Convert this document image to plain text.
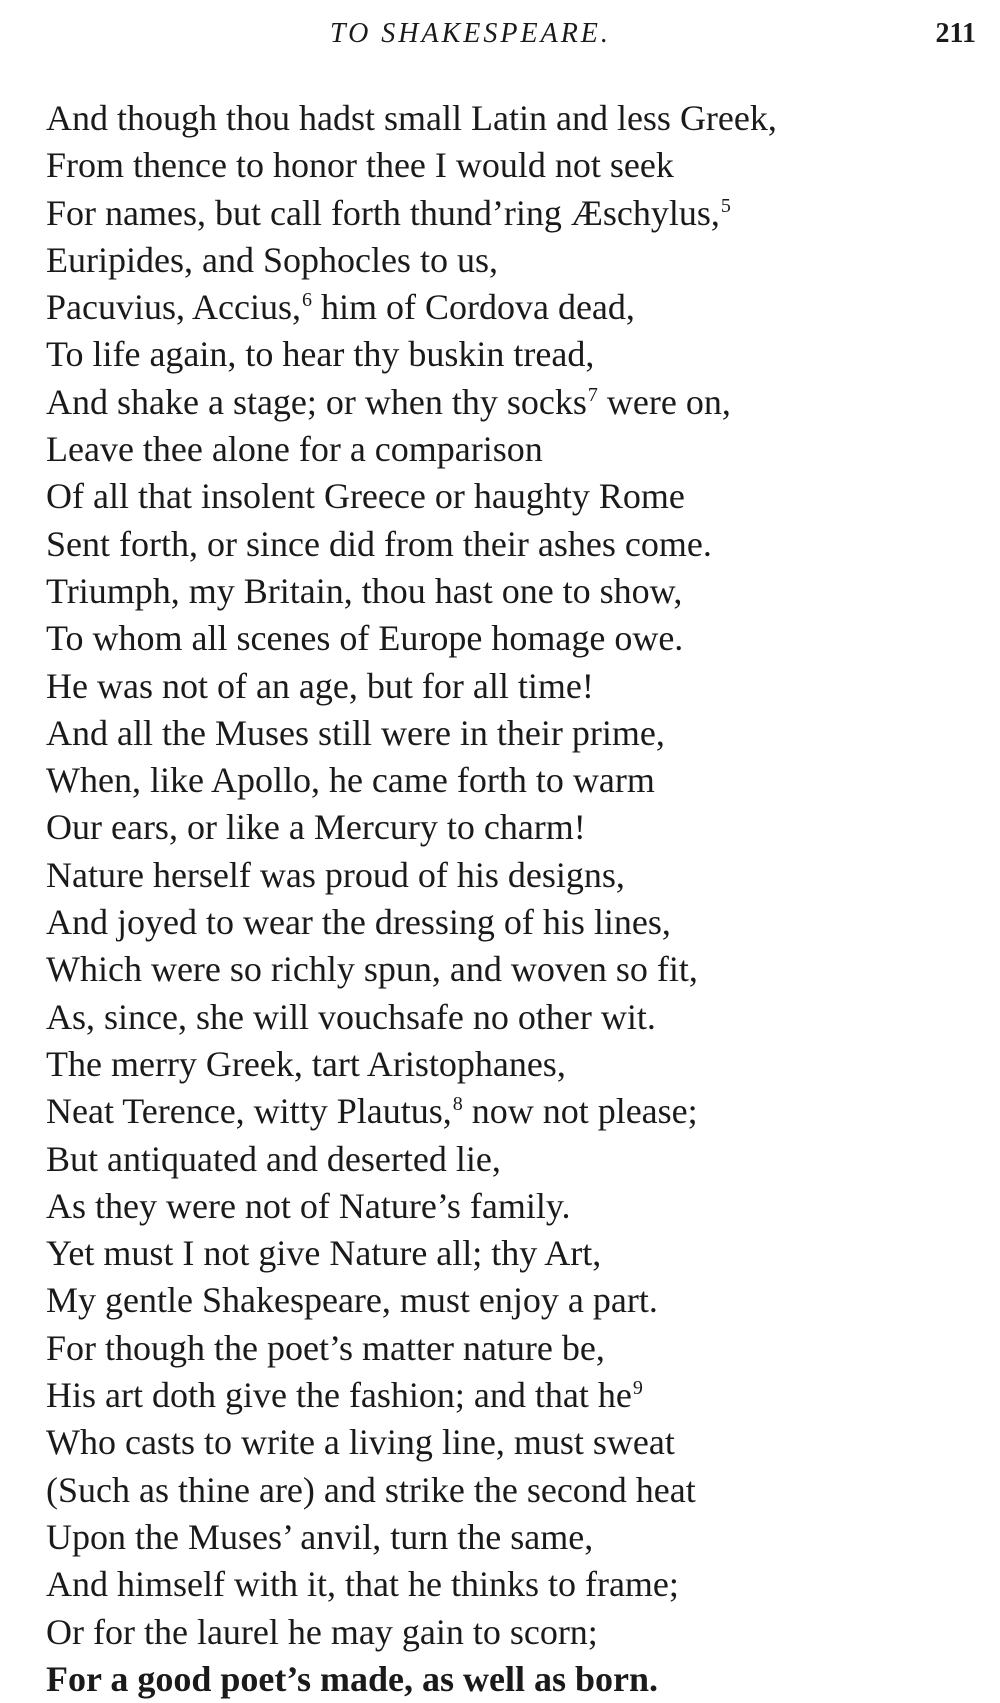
TO SHAKESPEARE.	211
And though thou hadst small Latin and less Greek,
From thence to honor thee I would not seek
For names, but call forth thund’ring Æschylus,$^5$
Euripides, and Sophocles to us,
Pacuvius, Accius,$^6$ him of Cordova dead,
To life again, to hear thy buskin tread,
And shake a stage; or when thy socks$^7$ were on,
Leave thee alone for a comparison
Of all that insolent Greece or haughty Rome
Sent forth, or since did from their ashes come.
Triumph, my Britain, thou hast one to show,
To whom all scenes of Europe homage owe.
He was not of an age, but for all time!
And all the Muses still were in their prime,
When, like Apollo, he came forth to warm
Our ears, or like a Mercury to charm!
Nature herself was proud of his designs,
And joyed to wear the dressing of his lines,
Which were so richly spun, and woven so fit,
As, since, she will vouchsafe no other wit.
The merry Greek, tart Aristophanes,
Neat Terence, witty Plautus,$^8$ now not please;
But antiquated and deserted lie,
As they were not of Nature’s family.
Yet must I not give Nature all; thy Art,
My gentle Shakespeare, must enjoy a part.
For though the poet’s matter nature be,
His art doth give the fashion; and that he$^9$
Who casts to write a living line, must sweat
(Such as thine are) and strike the second heat
Upon the Muses’ anvil, turn the same,
And himself with it, that he thinks to frame;
Or for the laurel he may gain to scorn;
For a good poet’s made, as well as born.
